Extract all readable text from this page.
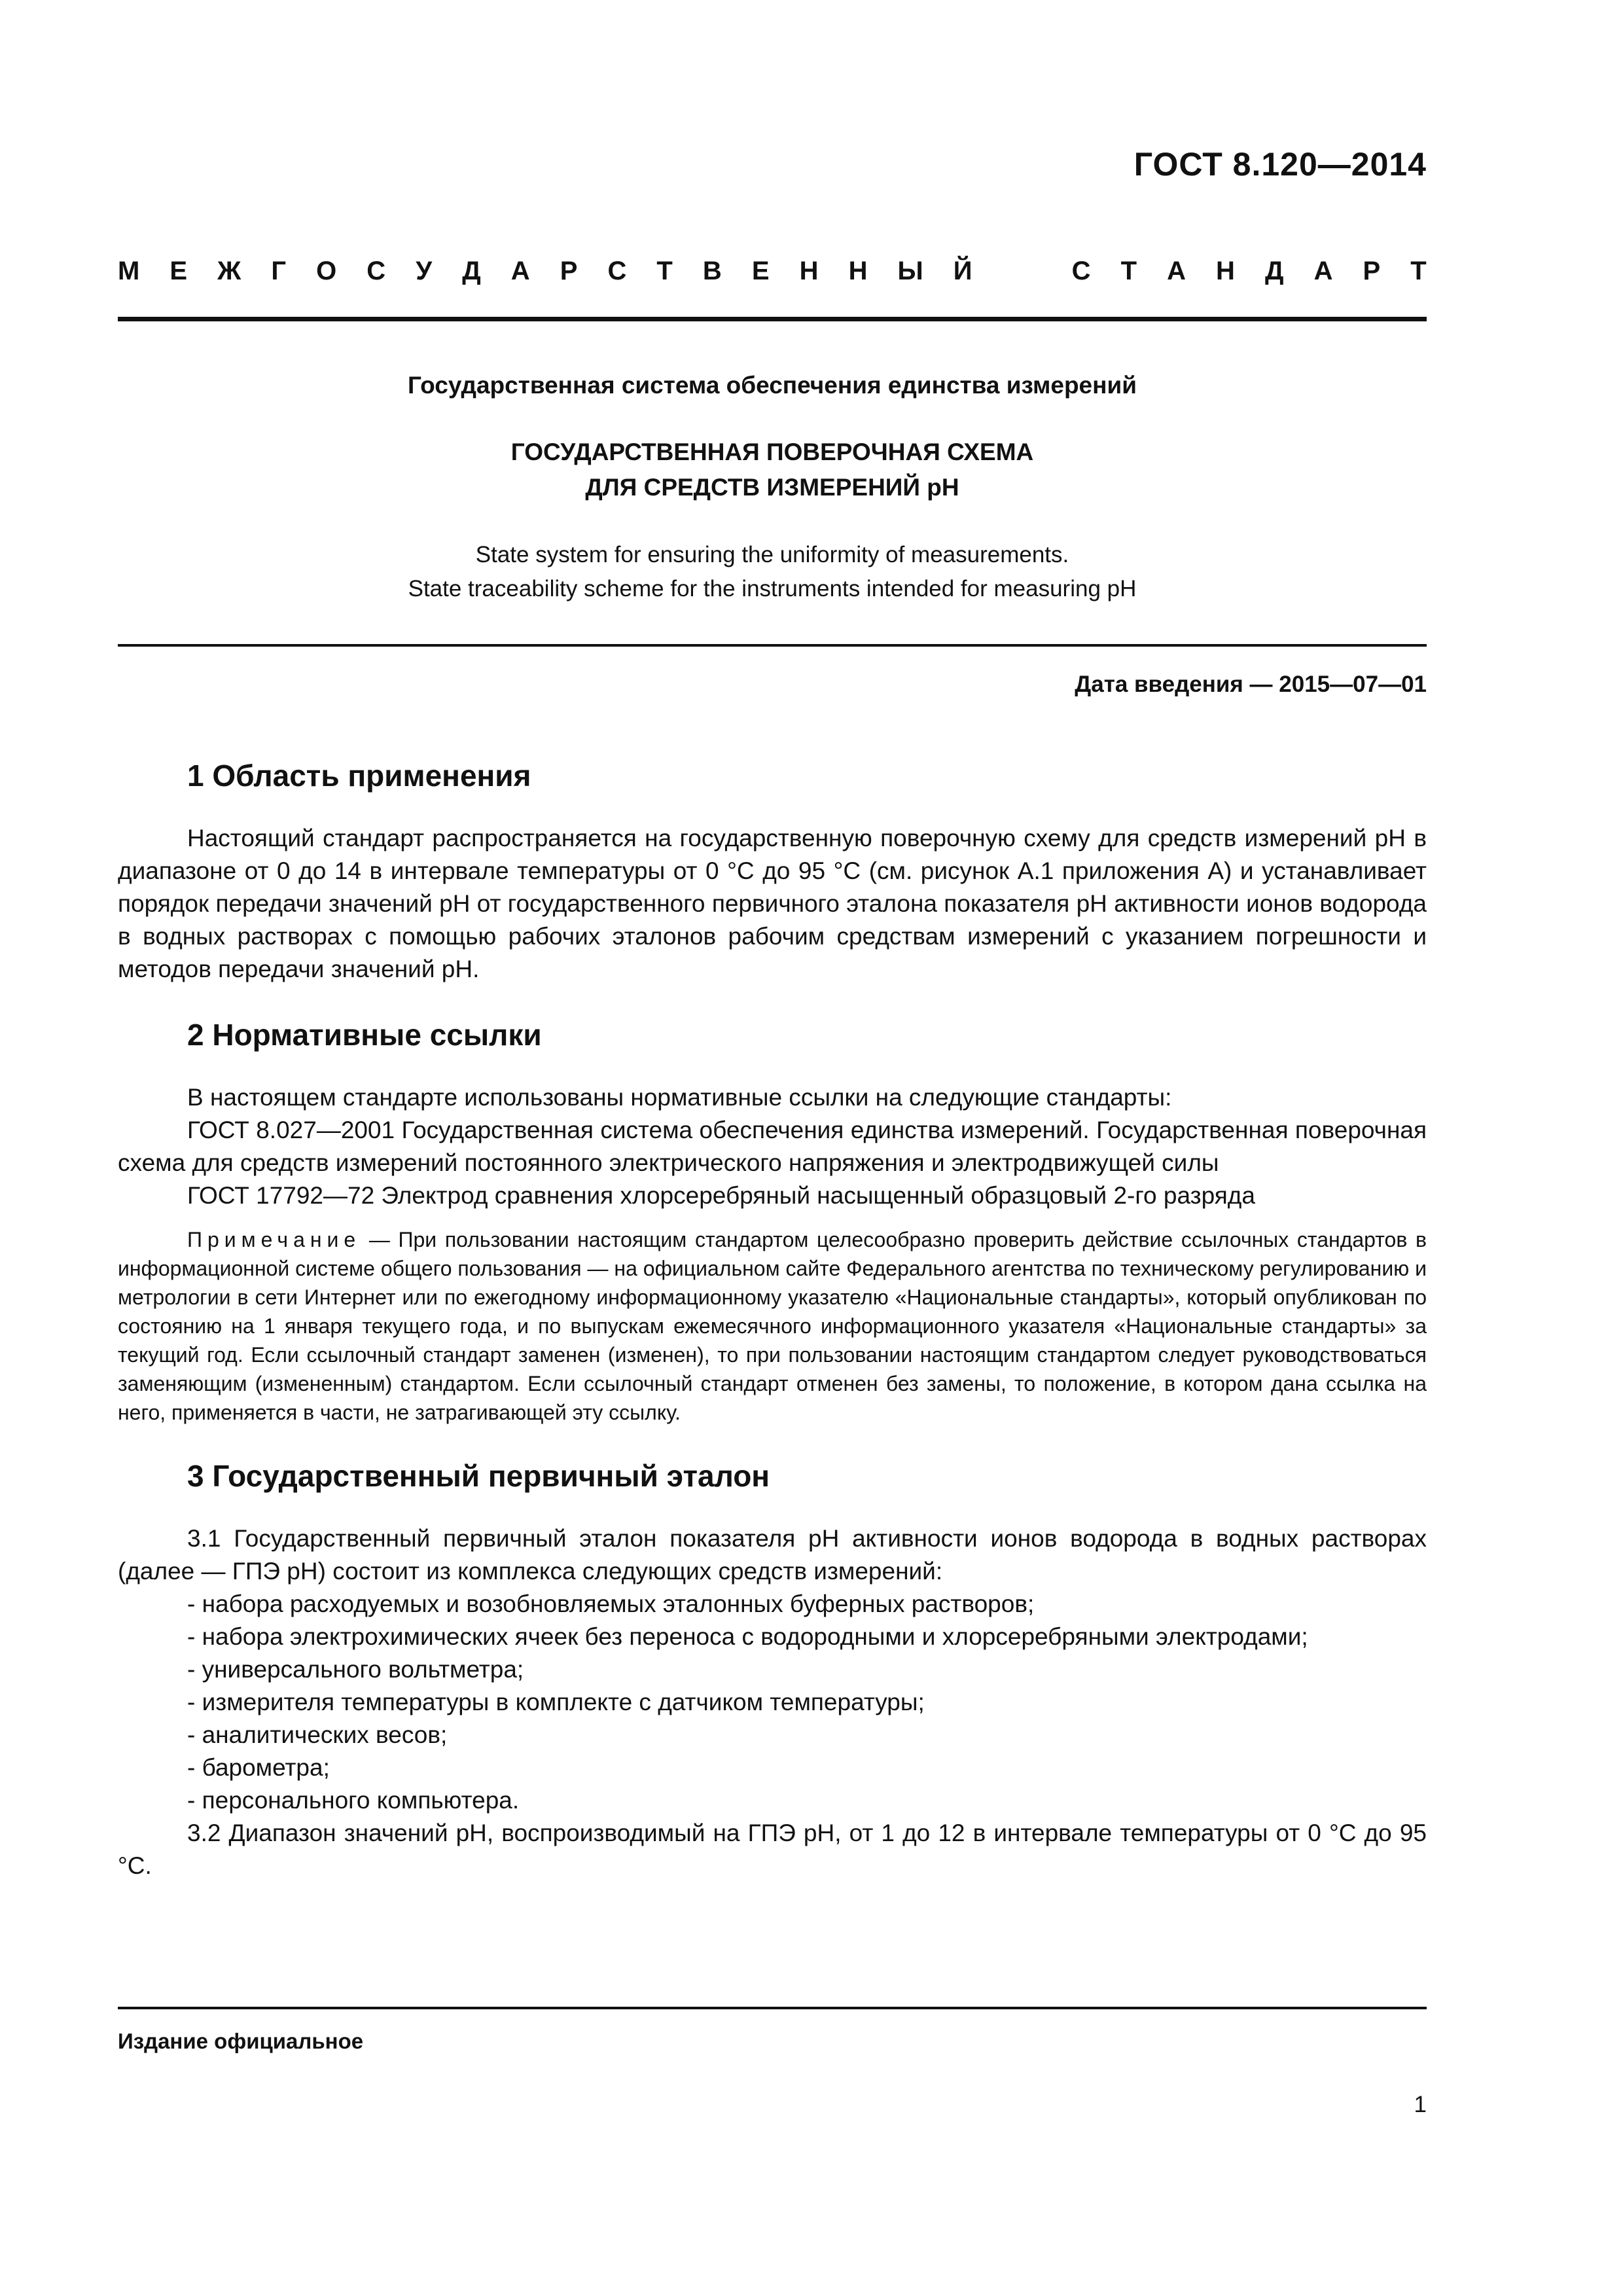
ГОСТ 8.120—2014
М Е Ж Г О С У Д А Р С Т В Е Н Н Ы Й	С Т А Н Д А Р Т
Государственная система обеспечения единства измерений
ГОСУДАРСТВЕННАЯ ПОВЕРОЧНАЯ СХЕМА
ДЛЯ СРЕДСТВ ИЗМЕРЕНИЙ pH
State system for ensuring the uniformity of measurements.
State traceability scheme for the instruments intended for measuring pH
Дата введения — 2015—07—01
1 Область применения

Настоящий стандарт распространяется на государственную поверочную схему для средств измерений pH в диапазоне от 0 до 14 в интервале температуры от 0 °С до 95 °С (см. рисунок А.1 приложения А) и устанавливает порядок передачи значений pH от государственного первичного эталона показателя pH активности ионов водорода в водных растворах с помощью рабочих эталонов рабочим средствам измерений с указанием погрешности и методов передачи значений pH.

2 Нормативные ссылки

В настоящем стандарте использованы нормативные ссылки на следующие стандарты:

ГОСТ 8.027—2001 Государственная система обеспечения единства измерений. Государственная поверочная схема для средств измерений постоянного электрического напряжения и электродвижущей силы

ГОСТ 17792—72 Электрод сравнения хлорсеребряный насыщенный образцовый 2-го разряда

Примечание — При пользовании настоящим стандартом целесообразно проверить действие ссылочных стандартов в информационной системе общего пользования — на официальном сайте Федерального агентства по техническому регулированию и метрологии в сети Интернет или по ежегодному информационному указателю «Национальные стандарты», который опубликован по состоянию на 1 января текущего года, и по выпускам ежемесячного информационного указателя «Национальные стандарты» за текущий год. Если ссылочный стандарт заменен (изменен), то при пользовании настоящим стандартом следует руководствоваться заменяющим (измененным) стандартом. Если ссылочный стандарт отменен без замены, то положение, в котором дана ссылка на него, применяется в части, не затрагивающей эту ссылку.

3 Государственный первичный эталон

3.1 Государственный первичный эталон показателя pH активности ионов водорода в водных растворах (далее — ГПЭ pH) состоит из комплекса следующих средств измерений:

- набора расходуемых и возобновляемых эталонных буферных растворов;
- набора электрохимических ячеек без переноса с водородными и хлорсеребряными электродами;
- универсального вольтметра;
- измерителя температуры в комплекте с датчиком температуры;
- аналитических весов;
- барометра;
- персонального компьютера.

3.2 Диапазон значений pH, воспроизводимый на ГПЭ pH, от 1 до 12 в интервале температуры от 0 °С до 95 °С.

Издание официальное
1
